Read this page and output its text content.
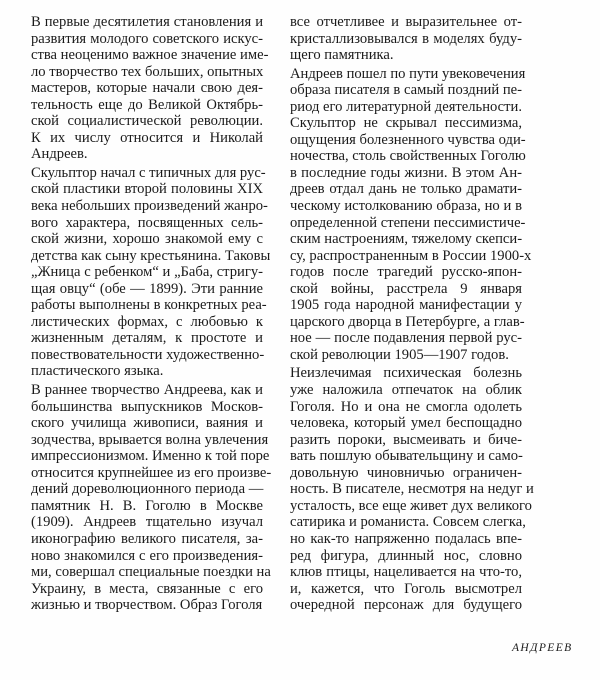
В первые десятилетия становления и
развития молодого советского искус-
ства неоценимо важное значение име-
ло творчество тех больших, опытных
мастеров, которые начали свою дея-
тельность еще до Великой Октябрь-
ской социалистической революции.
К их числу относится и Николай
Андреев.
Скульптор начал с типичных для рус-
ской пластики второй половины XIX
века небольших произведений жанро-
вого характера, посвященных сель-
ской жизни, хорошо знакомой ему с
детства как сыну крестьянина. Таковы
„Жница с ребенком“ и „Баба, стригу-
щая овцу“ (обе — 1899). Эти ранние
работы выполнены в конкретных реа-
листических формах, с любовью к
жизненным деталям, к простоте и
повествовательности художественно-
пластического языка.
В раннее творчество Андреева, как и
большинства выпускников Москов-
ского училища живописи, ваяния и
зодчества, врывается волна увлечения
импрессионизмом. Именно к той поре
относится крупнейшее из его произве-
дений дореволюционного периода —
памятник Н. В. Гоголю в Москве
(1909). Андреев тщательно изучал
иконографию великого писателя, за-
ново знакомился с его произведения-
ми, совершал специальные поездки на
Украину, в места, связанные с его
жизнью и творчеством. Образ Гоголя
все отчетливее и выразительнее от-
кристаллизовывался в моделях буду-
щего памятника.
Андреев пошел по пути увековечения
образа писателя в самый поздний пе-
риод его литературной деятельности.
Скульптор не скрывал пессимизма,
ощущения болезненного чувства оди-
ночества, столь свойственных Гоголю
в последние годы жизни. В этом Ан-
дреев отдал дань не только драмати-
ческому истолкованию образа, но и в
определенной степени пессимистиче-
ским настроениям, тяжелому скепси-
су, распространенным в России 1900-х
годов после трагедий русско-япон-
ской войны, расстрела 9 января
1905 года народной манифестации у
царского дворца в Петербурге, а глав-
ное — после подавления первой рус-
ской революции 1905—1907 годов.
Неизлечимая психическая болезнь
уже наложила отпечаток на облик
Гоголя. Но и она не смогла одолеть
человека, который умел беспощадно
разить пороки, высмеивать и биче-
вать пошлую обывательщину и само-
довольную чиновничью ограничен-
ность. В писателе, несмотря на недуг и
усталость, все еще живет дух великого
сатирика и романиста. Совсем слегка,
но как-то напряженно подалась впе-
ред фигура, длинный нос, словно
клюв птицы, нацеливается на что-то,
и, кажется, что Гоголь высмотрел
очередной персонаж для будущего
АНДРЕЕВ
